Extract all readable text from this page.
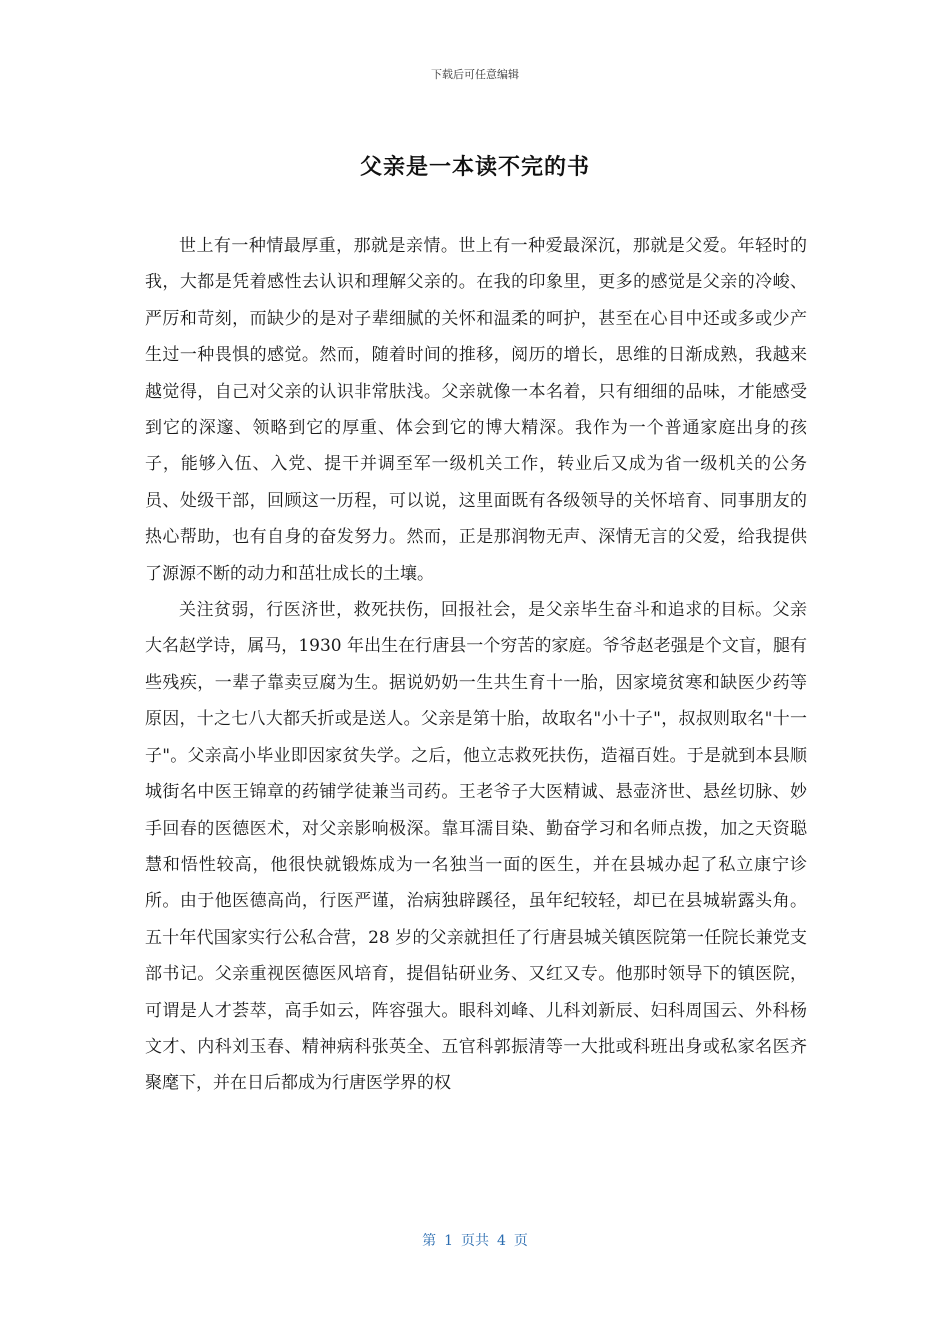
下载后可任意编辑
父亲是一本读不完的书

世上有一种情最厚重，那就是亲情。世上有一种爱最深沉，那就是父爱。年轻时的我，大都是凭着感性去认识和理解父亲的。在我的印象里，更多的感觉是父亲的冷峻、严厉和苛刻，而缺少的是对子辈细腻的关怀和温柔的呵护，甚至在心目中还或多或少产生过一种畏惧的感觉。然而，随着时间的推移，阅历的增长，思维的日渐成熟，我越来越觉得，自己对父亲的认识非常肤浅。父亲就像一本名着，只有细细的品味，才能感受到它的深邃、领略到它的厚重、体会到它的博大精深。我作为一个普通家庭出身的孩子，能够入伍、入党、提干并调至军一级机关工作，转业后又成为省一级机关的公务员、处级干部，回顾这一历程，可以说，这里面既有各级领导的关怀培育、同事朋友的热心帮助，也有自身的奋发努力。然而，正是那润物无声、深情无言的父爱，给我提供了源源不断的动力和茁壮成长的土壤。

关注贫弱，行医济世，救死扶伤，回报社会，是父亲毕生奋斗和追求的目标。父亲大名赵学诗，属马，1930 年出生在行唐县一个穷苦的家庭。爷爷赵老强是个文盲，腿有些残疾，一辈子靠卖豆腐为生。据说奶奶一生共生育十一胎，因家境贫寒和缺医少药等原因，十之七八大都夭折或是送人。父亲是第十胎，故取名"小十子"，叔叔则取名"十一子"。父亲高小毕业即因家贫失学。之后，他立志救死扶伤，造福百姓。于是就到本县顺城街名中医王锦章的药铺学徒兼当司药。王老爷子大医精诚、悬壶济世、悬丝切脉、妙手回春的医德医术，对父亲影响极深。靠耳濡目染、勤奋学习和名师点拨，加之天资聪慧和悟性较高，他很快就锻炼成为一名独当一面的医生，并在县城办起了私立康宁诊所。由于他医德高尚，行医严谨，治病独辟蹊径，虽年纪较轻，却已在县城崭露头角。五十年代国家实行公私合营，28 岁的父亲就担任了行唐县城关镇医院第一任院长兼党支部书记。父亲重视医德医风培育，提倡钻研业务、又红又专。他那时领导下的镇医院，可谓是人才荟萃，高手如云，阵容强大。眼科刘峰、儿科刘新辰、妇科周国云、外科杨文才、内科刘玉春、精神病科张英全、五官科郭振清等一大批或科班出身或私家名医齐聚麾下，并在日后都成为行唐医学界的权

第 1 页共 4 页
